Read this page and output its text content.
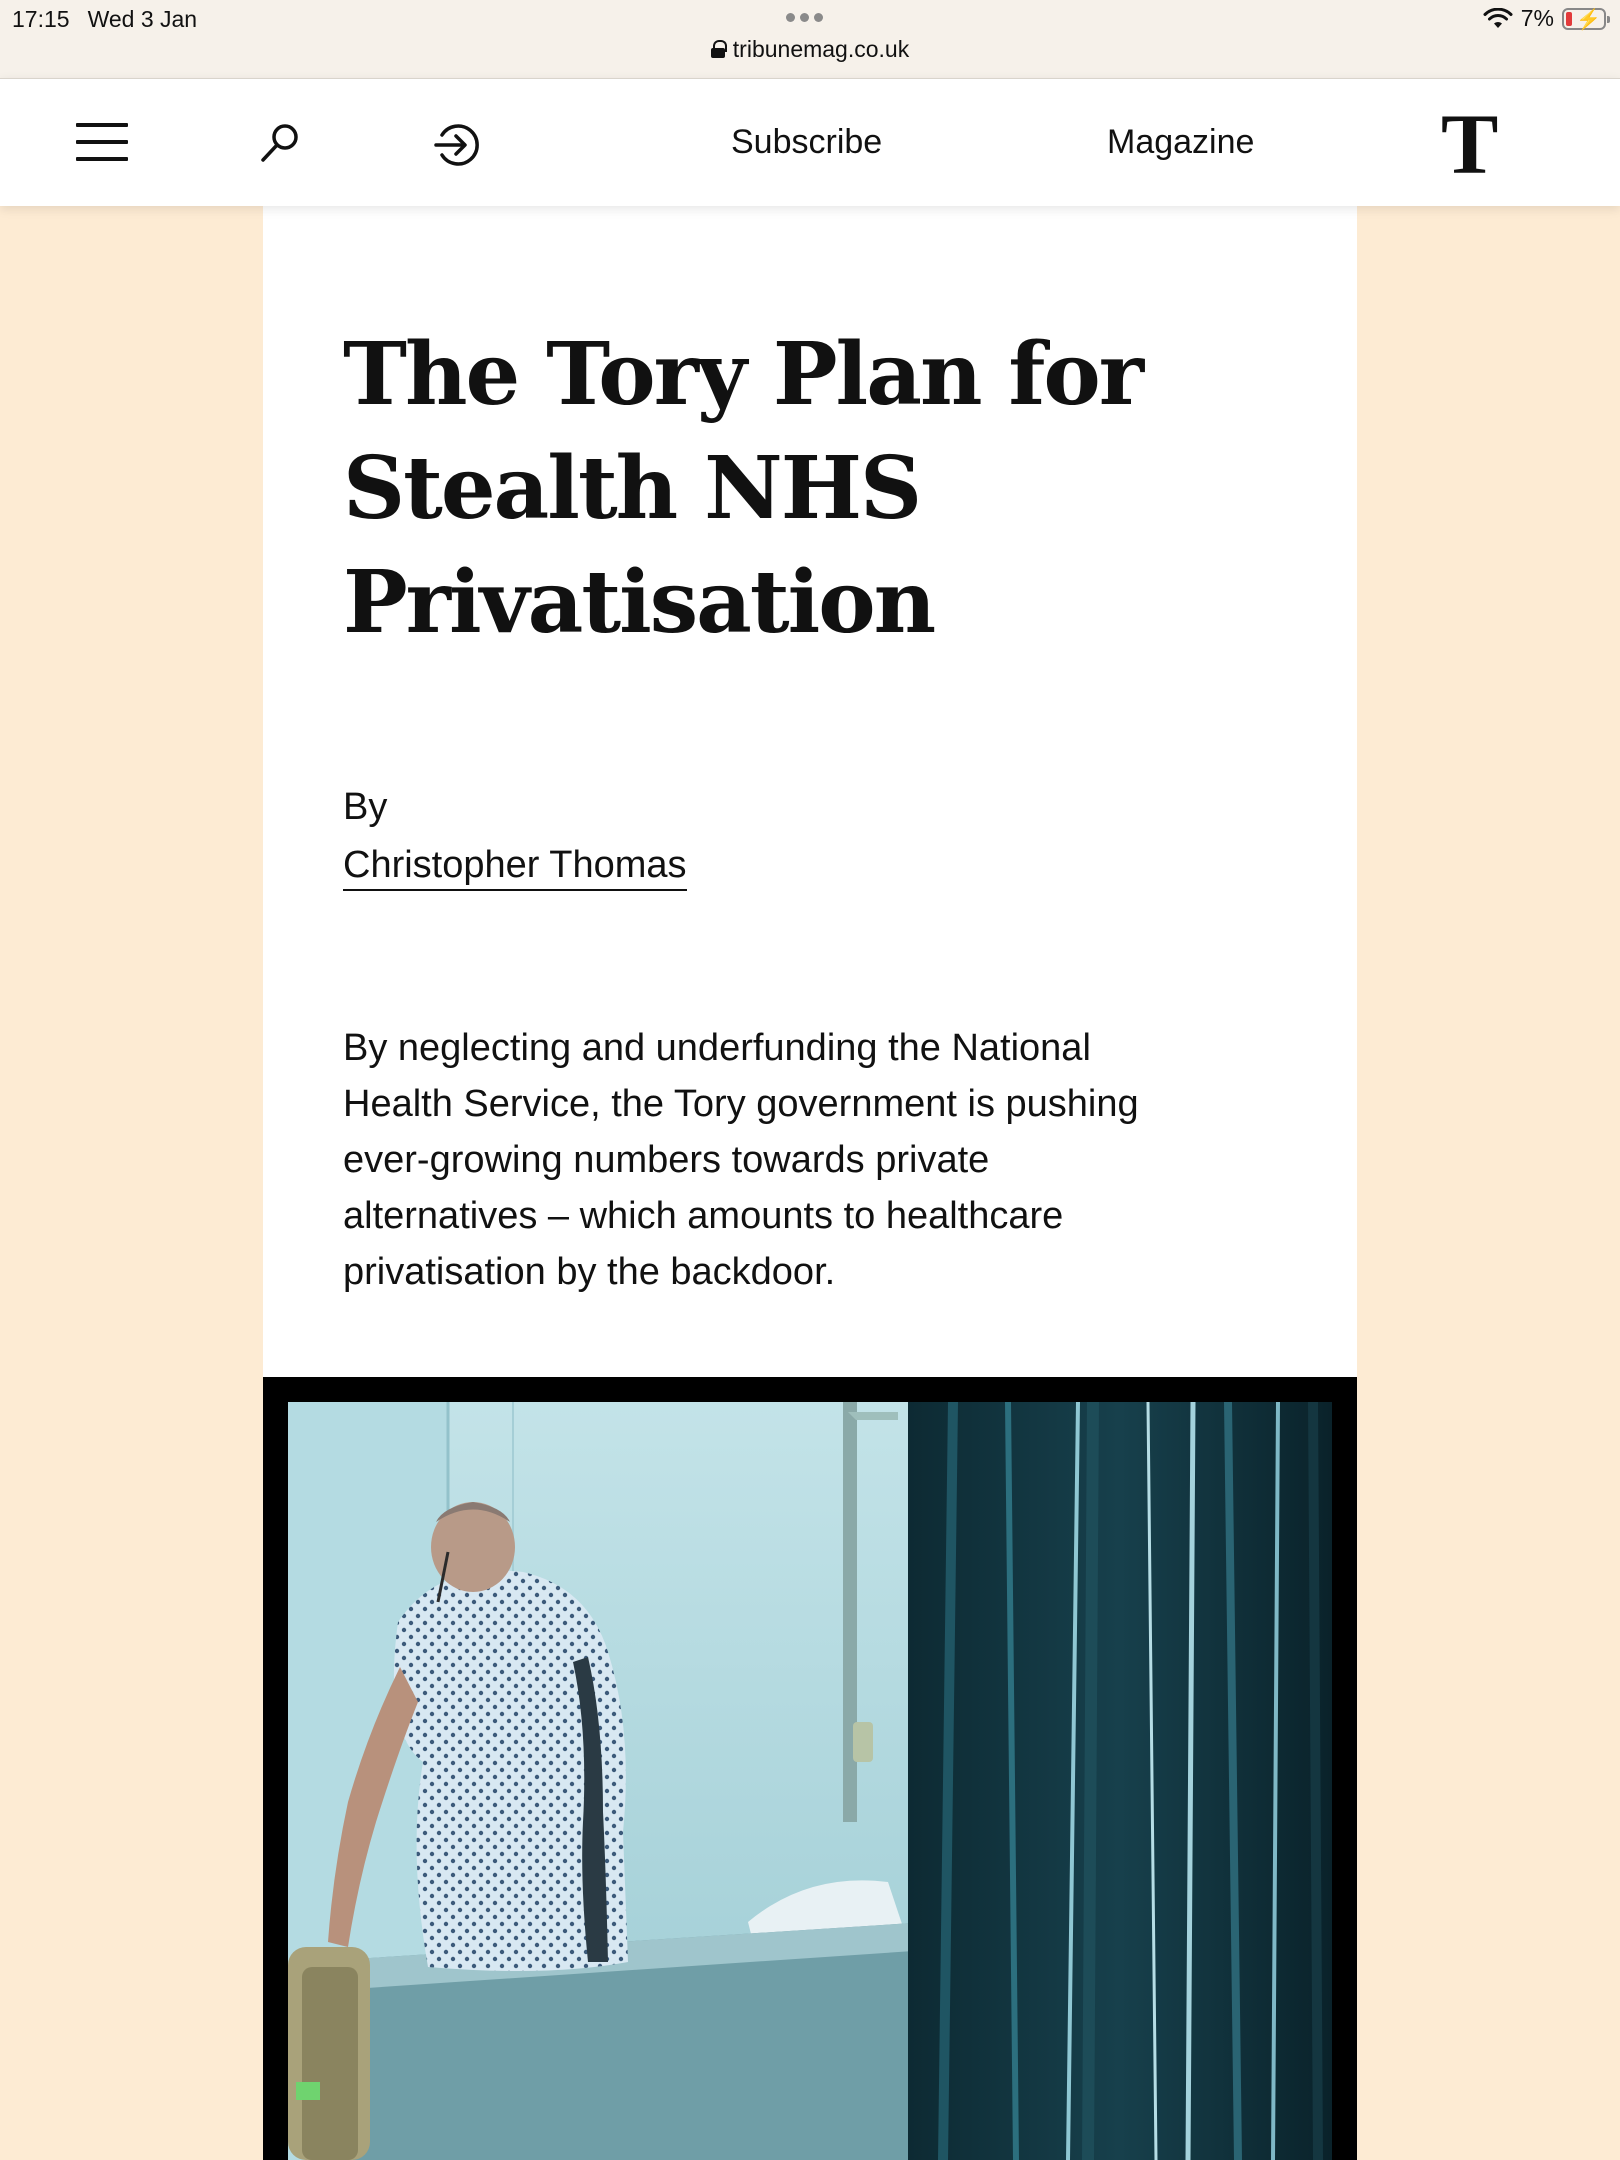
17:15 Wed 3 Jan
tribunemag.co.uk
7% ⚡
Subscribe	Magazine T
The Tory Plan for
Stealth NHS
Privatisation
By
Christopher Thomas
By neglecting and underfunding the National
Health Service, the Tory government is pushing
ever-growing numbers towards private
alternatives – which amounts to healthcare
privatisation by the backdoor.
